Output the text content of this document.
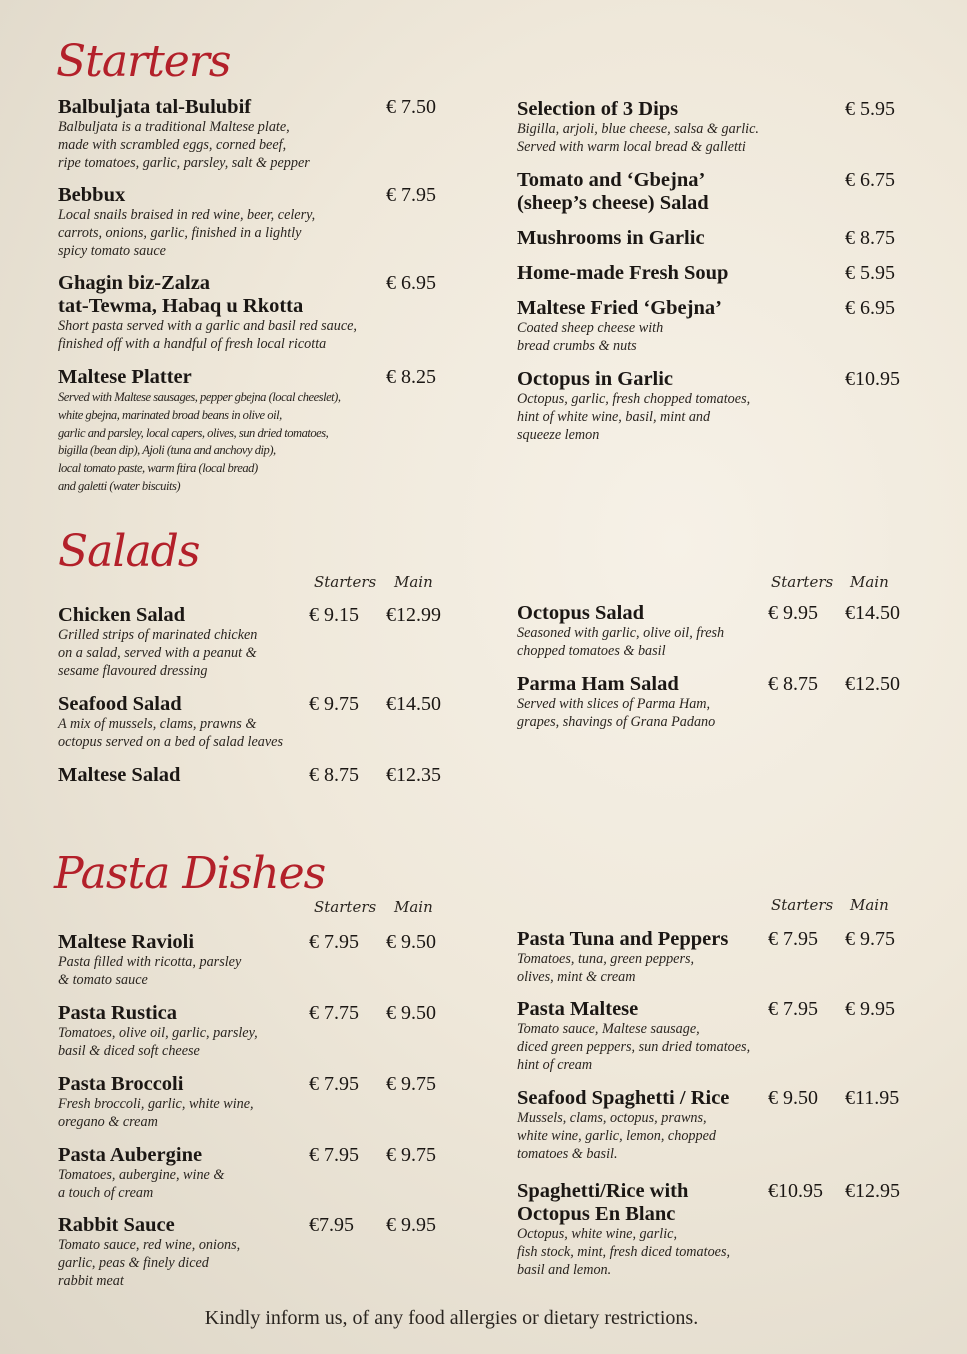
Starters
Balbuljata tal-Bulubif
Balbuljata is a traditional Maltese plate,
made with scrambled eggs, corned beef,
ripe tomatoes, garlic, parsley, salt & pepper
€ 7.50
Bebbux
Local snails braised in red wine, beer, celery,
carrots, onions, garlic, finished in a lightly
spicy tomato sauce
€ 7.95
Ghagin biz-Zalza
tat-Tewma, Habaq u Rkotta
Short pasta served with a garlic and basil red sauce,
finished off with a handful of fresh local ricotta
€ 6.95
Maltese Platter
Served with Maltese sausages, pepper gbejna (local cheeslet),
white gbejna, marinated broad beans in olive oil,
garlic and parsley, local capers, olives, sun dried tomatoes,
bigilla (bean dip), Ajoli (tuna and anchovy dip),
local tomato paste, warm ftira (local bread)
and galetti (water biscuits)
€ 8.25
Selection of 3 Dips
Bigilla, arjoli, blue cheese, salsa & garlic.
Served with warm local bread & galletti
€ 5.95
Tomato and ‘Gbejna’
(sheep’s cheese) Salad
€ 6.75
Mushrooms in Garlic	€ 8.75
Home-made Fresh Soup	€ 5.95
Maltese Fried ‘Gbejna’
Coated sheep cheese with
bread crumbs & nuts
€ 6.95
Octopus in Garlic
Octopus, garlic, fresh chopped tomatoes,
hint of white wine, basil, mint and
squeeze lemon
€10.95
Salads
Starters Main	Starters Main
Chicken Salad
Grilled strips of marinated chicken
on a salad, served with a peanut &
sesame flavoured dressing
€ 9.15 €12.99
Seafood Salad
A mix of mussels, clams, prawns &
octopus served on a bed of salad leaves
€ 9.75 €14.50
Maltese Salad	€ 8.75 €12.35
Octopus Salad
Seasoned with garlic, olive oil, fresh
chopped tomatoes & basil
€ 9.95 €14.50
Parma Ham Salad
Served with slices of Parma Ham,
grapes, shavings of Grana Padano
€ 8.75 €12.50
Pasta Dishes
Starters Main	Starters Main
Maltese Ravioli
Pasta filled with ricotta, parsley
& tomato sauce
€ 7.95 € 9.50
Pasta Rustica
Tomatoes, olive oil, garlic, parsley,
basil & diced soft cheese
€ 7.75 € 9.50
Pasta Broccoli
Fresh broccoli, garlic, white wine,
oregano & cream
€ 7.95 € 9.75
Pasta Aubergine
Tomatoes, aubergine, wine &
a touch of cream
€ 7.95 € 9.75
Rabbit Sauce
Tomato sauce, red wine, onions,
garlic, peas & finely diced
rabbit meat
€7.95 € 9.95
Pasta Tuna and Peppers
Tomatoes, tuna, green peppers,
olives, mint & cream
€ 7.95 € 9.75
Pasta Maltese
Tomato sauce, Maltese sausage,
diced green peppers, sun dried tomatoes,
hint of cream
€ 7.95 € 9.95
Seafood Spaghetti / Rice
Mussels, clams, octopus, prawns,
white wine, garlic, lemon, chopped
tomatoes & basil.
€ 9.50 €11.95
Spaghetti/Rice with
Octopus En Blanc
Octopus, white wine, garlic,
fish stock, mint, fresh diced tomatoes,
basil and lemon.
€10.95 €12.95
Kindly inform us, of any food allergies or dietary restrictions.
